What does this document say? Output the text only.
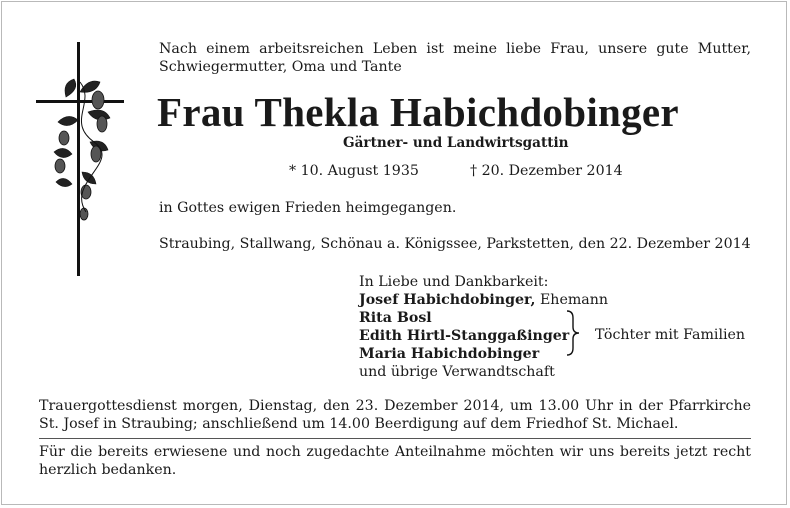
Nach einem arbeitsreichen Leben ist meine liebe Frau, unsere gute Mutter, Schwiegermutter, Oma und Tante
Frau Thekla Habichdobinger
Gärtner- und Landwirtsgattin
* 10. August 1935	† 20. Dezember 2014
in Gottes ewigen Frieden heimgegangen.
Straubing, Stallwang, Schönau a. Königssee, Parkstetten, den 22. Dezember 2014
In Liebe und Dankbarkeit:
Josef Habichdobinger, Ehemann
Rita Bosl
Edith Hirtl-Stanggaßinger
Maria Habichdobinger
und übrige Verwandtschaft
Töchter mit Familien
Trauergottesdienst morgen, Dienstag, den 23. Dezember 2014, um 13.00 Uhr in der Pfarrkirche St. Josef in Straubing; anschließend um 14.00 Beerdigung auf dem Friedhof St. Michael.
Für die bereits erwiesene und noch zugedachte Anteilnahme möchten wir uns bereits jetzt recht herzlich bedanken.
